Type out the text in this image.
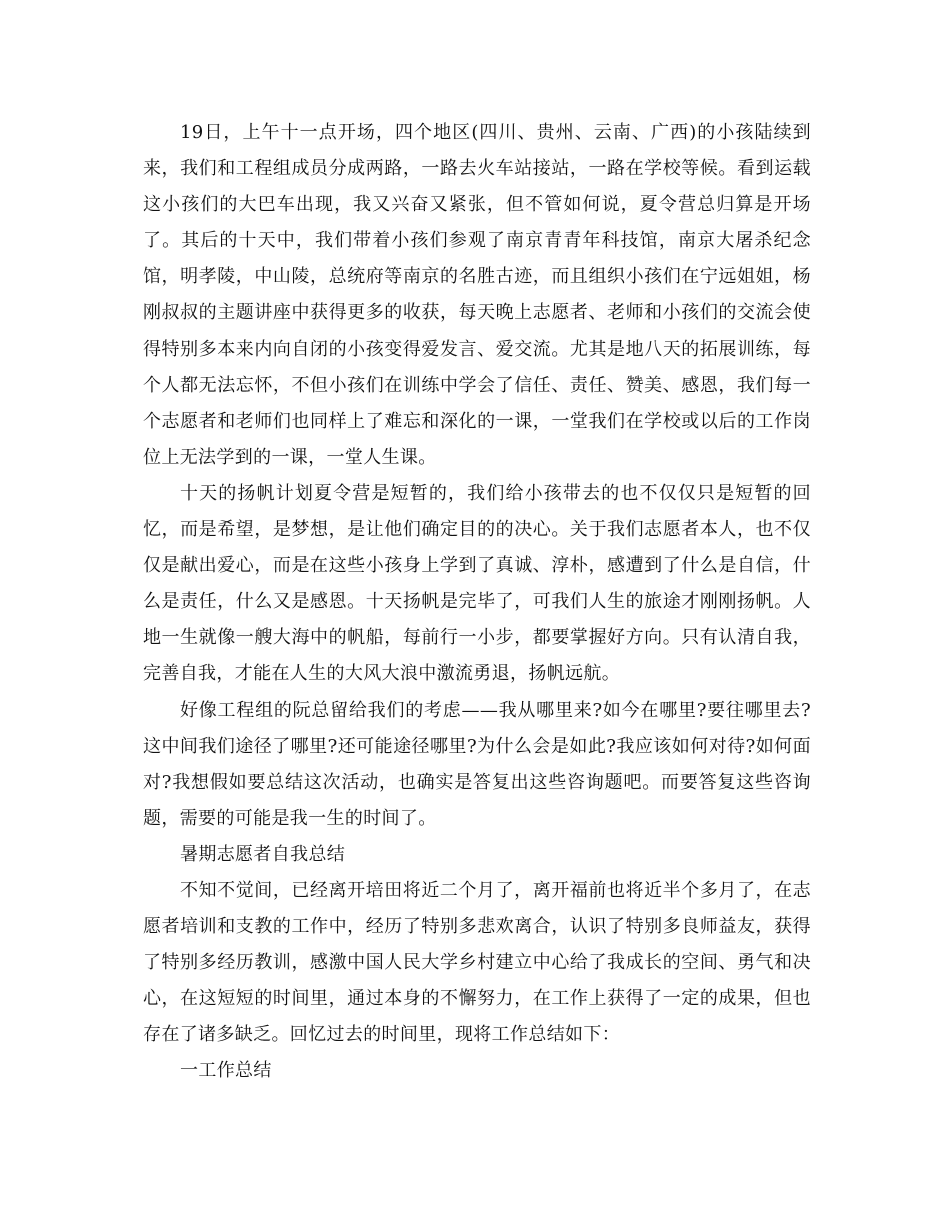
19日，上午十一点开场，四个地区(四川、贵州、云南、广西)的小孩陆续到来，我们和工程组成员分成两路，一路去火车站接站，一路在学校等候。看到运载这小孩们的大巴车出现，我又兴奋又紧张，但不管如何说，夏令营总归算是开场了。其后的十天中，我们带着小孩们参观了南京青青年科技馆，南京大屠杀纪念馆，明孝陵，中山陵，总统府等南京的名胜古迹，而且组织小孩们在宁远姐姐，杨刚叔叔的主题讲座中获得更多的收获，每天晚上志愿者、老师和小孩们的交流会使得特别多本来内向自闭的小孩变得爱发言、爱交流。尤其是地八天的拓展训练，每个人都无法忘怀，不但小孩们在训练中学会了信任、责任、赞美、感恩，我们每一个志愿者和老师们也同样上了难忘和深化的一课，一堂我们在学校或以后的工作岗位上无法学到的一课，一堂人生课。

十天的扬帆计划夏令营是短暂的，我们给小孩带去的也不仅仅只是短暂的回忆，而是希望，是梦想，是让他们确定目的的决心。关于我们志愿者本人，也不仅仅是献出爱心，而是在这些小孩身上学到了真诚、淳朴，感遭到了什么是自信，什么是责任，什么又是感恩。十天扬帆是完毕了，可我们人生的旅途才刚刚扬帆。人地一生就像一艘大海中的帆船，每前行一小步，都要掌握好方向。只有认清自我，完善自我，才能在人生的大风大浪中激流勇退，扬帆远航。

好像工程组的阮总留给我们的考虑——我从哪里来?如今在哪里?要往哪里去?这中间我们途径了哪里?还可能途径哪里?为什么会是如此?我应该如何对待?如何面对?我想假如要总结这次活动，也确实是答复出这些咨询题吧。而要答复这些咨询题，需要的可能是我一生的时间了。

暑期志愿者自我总结

不知不觉间，已经离开培田将近二个月了，离开福前也将近半个多月了，在志愿者培训和支教的工作中，经历了特别多悲欢离合，认识了特别多良师益友，获得了特别多经历教训，感激中国人民大学乡村建立中心给了我成长的空间、勇气和决心，在这短短的时间里，通过本身的不懈努力，在工作上获得了一定的成果，但也存在了诸多缺乏。回忆过去的时间里，现将工作总结如下：

一工作总结
